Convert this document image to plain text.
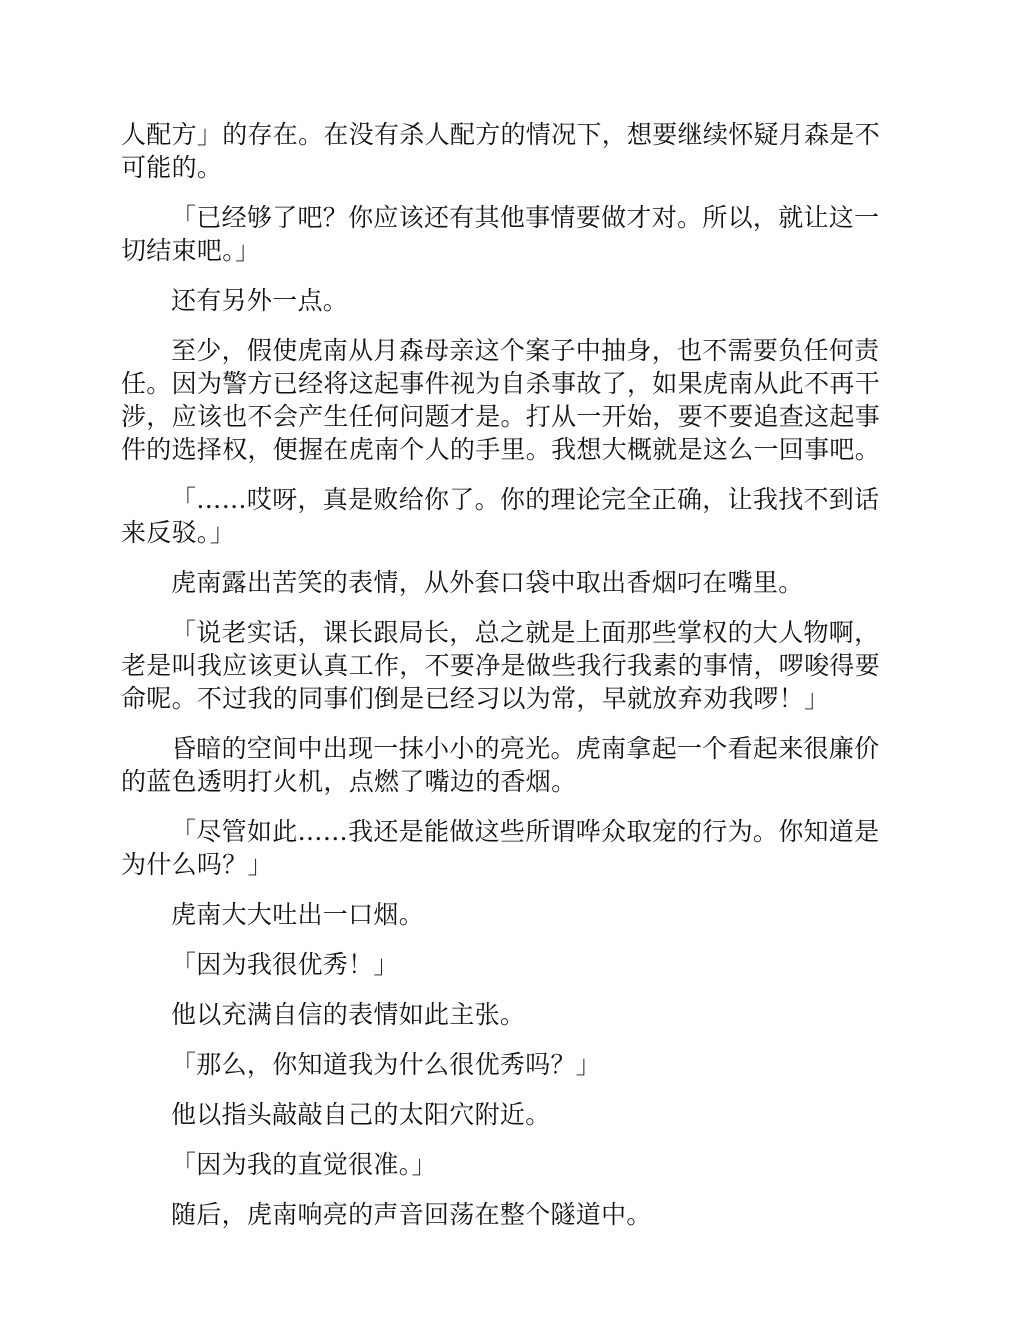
人配方」的存在。在没有杀人配方的情况下，想要继续怀疑月森是不可能的。

「已经够了吧？你应该还有其他事情要做才对。所以，就让这一切结束吧。」

还有另外一点。

至少，假使虎南从月森母亲这个案子中抽身，也不需要负任何责任。因为警方已经将这起事件视为自杀事故了，如果虎南从此不再干涉，应该也不会产生任何问题才是。打从一开始，要不要追查这起事件的选择权，便握在虎南个人的手里。我想大概就是这么一回事吧。

「……哎呀，真是败给你了。你的理论完全正确，让我找不到话来反驳。」

虎南露出苦笑的表情，从外套口袋中取出香烟叼在嘴里。

「说老实话，课长跟局长，总之就是上面那些掌权的大人物啊，老是叫我应该更认真工作，不要净是做些我行我素的事情，啰唆得要命呢。不过我的同事们倒是已经习以为常，早就放弃劝我啰！」

昏暗的空间中出现一抹小小的亮光。虎南拿起一个看起来很廉价的蓝色透明打火机，点燃了嘴边的香烟。

「尽管如此……我还是能做这些所谓哗众取宠的行为。你知道是为什么吗？」

虎南大大吐出一口烟。

「因为我很优秀！」

他以充满自信的表情如此主张。

「那么，你知道我为什么很优秀吗？」

他以指头敲敲自己的太阳穴附近。

「因为我的直觉很准。」

随后，虎南响亮的声音回荡在整个隧道中。
